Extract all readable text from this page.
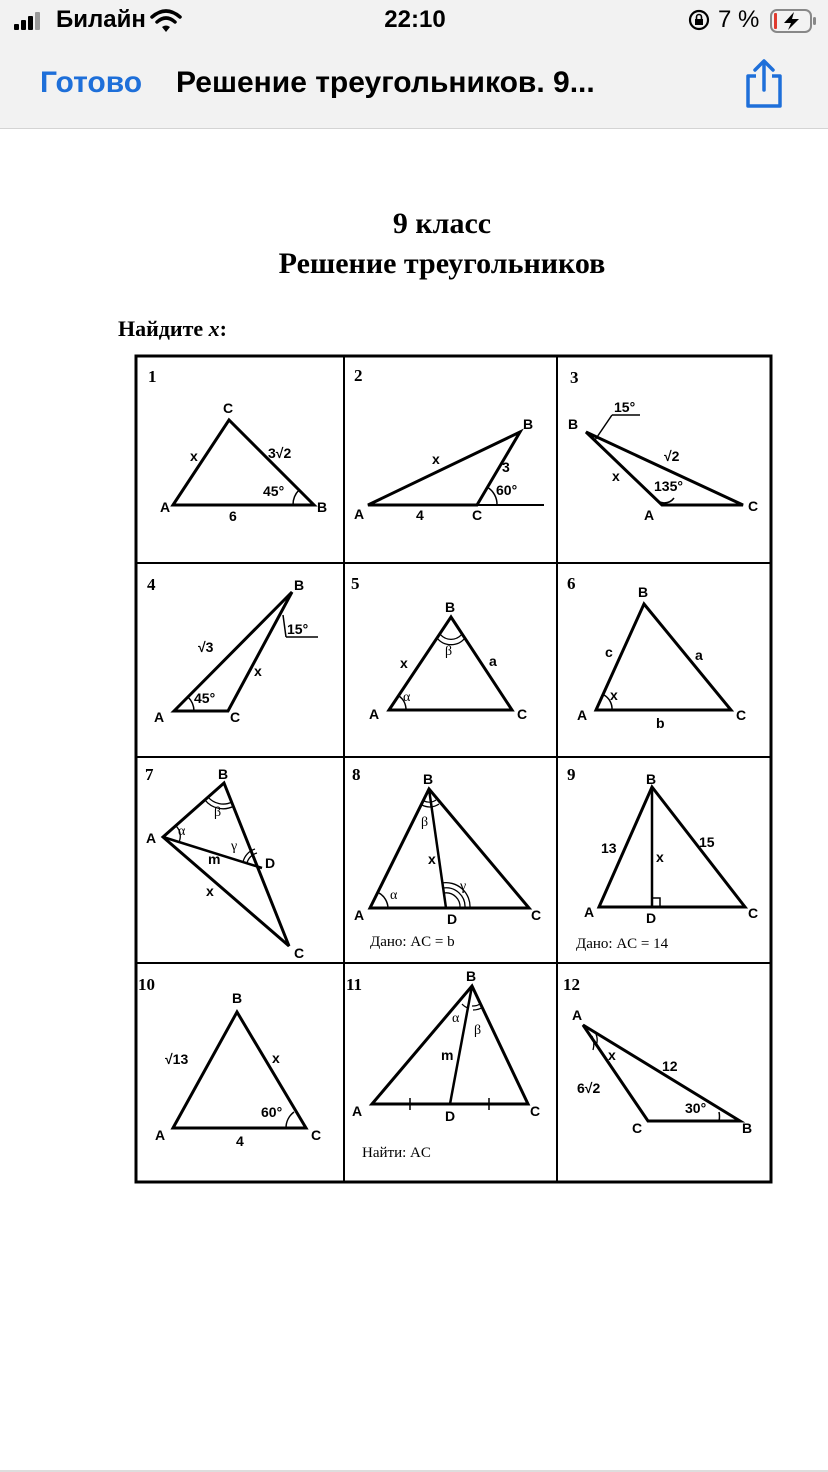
Билайн	22:10	7 %
Готово Решение треугольников. 9...
9 класс
Решение треугольников
Найдите x:
1	2	3
4	5	6
7	8	9
10	11	12
C
A	B
x	3√2
45°
6
B
A	C
x	3
60°
4
B
A
C
x
√2
15°
135°
B
A	C
x
√3
15°
45°
B
A	C
x	a
α
β
B
A	C
x
c	a
b
B
A
C
D
x
m
α
β
γ
B
A	C
D
x
α
β
γ
Дано: AC = b
B
A	C
D
x
13	15
Дано: AC = 14
B
A	C
x
√13
60°
4
B
A	C
D
m
α
β
Найти: AC
A
B
C
x
12
6√2
30°
